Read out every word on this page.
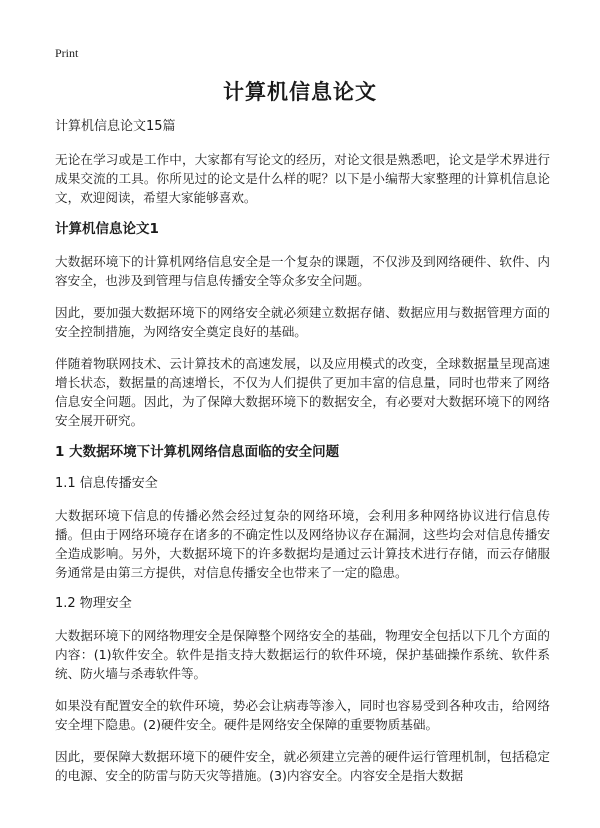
Print
计算机信息论文

计算机信息论文15篇

无论在学习或是工作中，大家都有写论文的经历，对论文很是熟悉吧，论文是学术界进行成果交流的工具。你所见过的论文是什么样的呢？以下是小编帮大家整理的计算机信息论文，欢迎阅读，希望大家能够喜欢。

计算机信息论文1

大数据环境下的计算机网络信息安全是一个复杂的课题，不仅涉及到网络硬件、软件、内容安全，也涉及到管理与信息传播安全等众多安全问题。

因此，要加强大数据环境下的网络安全就必须建立数据存储、数据应用与数据管理方面的安全控制措施，为网络安全奠定良好的基础。

伴随着物联网技术、云计算技术的高速发展，以及应用模式的改变，全球数据量呈现高速增长状态，数据量的高速增长，不仅为人们提供了更加丰富的信息量，同时也带来了网络信息安全问题。因此，为了保障大数据环境下的数据安全，有必要对大数据环境下的网络安全展开研究。

1 大数据环境下计算机网络信息面临的安全问题

1.1 信息传播安全

大数据环境下信息的传播必然会经过复杂的网络环境，会利用多种网络协议进行信息传播。但由于网络环境存在诸多的不确定性以及网络协议存在漏洞，这些均会对信息传播安全造成影响。另外，大数据环境下的许多数据均是通过云计算技术进行存储，而云存储服务通常是由第三方提供，对信息传播安全也带来了一定的隐患。

1.2 物理安全

大数据环境下的网络物理安全是保障整个网络安全的基础，物理安全包括以下几个方面的内容：(1)软件安全。软件是指支持大数据运行的软件环境，保护基础操作系统、软件系统、防火墙与杀毒软件等。

如果没有配置安全的软件环境，势必会让病毒等渗入，同时也容易受到各种攻击，给网络安全埋下隐患。(2)硬件安全。硬件是网络安全保障的重要物质基础。

因此，要保障大数据环境下的硬件安全，就必须建立完善的硬件运行管理机制，包括稳定的电源、安全的防雷与防天灾等措施。(3)内容安全。内容安全是指大数据
